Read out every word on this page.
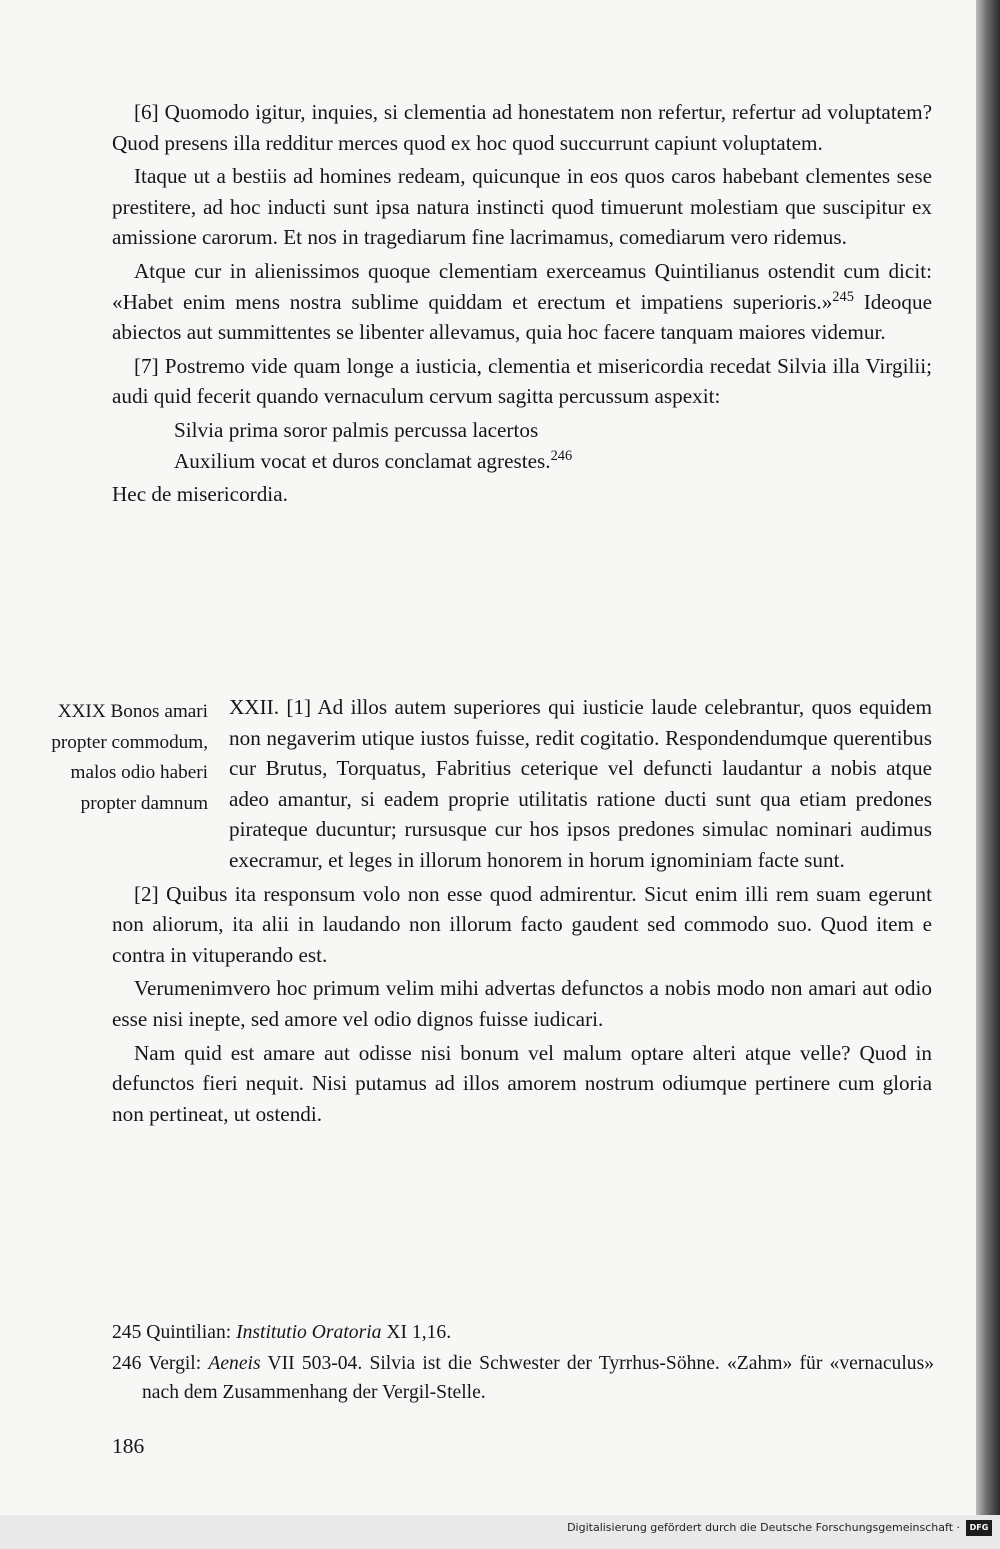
[6] Quomodo igitur, inquies, si clementia ad honestatem non refertur, refertur ad voluptatem? Quod presens illa redditur merces quod ex hoc quod succurrunt capiunt voluptatem.

Itaque ut a bestiis ad homines redeam, quicunque in eos quos caros habebant clementes sese prestitere, ad hoc inducti sunt ipsa natura instincti quod timuerunt molestiam que suscipitur ex amissione carorum. Et nos in tragediarum fine lacrimamus, comediarum vero ridemus.

Atque cur in alienissimos quoque clementiam exerceamus Quintilianus ostendit cum dicit: «Habet enim mens nostra sublime quiddam et erectum et impatiens superioris.»$^{245}$ Ideoque abiectos aut summittentes se libenter allevamus, quia hoc facere tanquam maiores videmur.

[7] Postremo vide quam longe a iusticia, clementia et misericordia recedat Silvia illa Virgilii; audi quid fecerit quando vernaculum cervum sagitta percussum aspexit:

Silvia prima soror palmis percussa lacertos
Auxilium vocat et duros conclamat agrestes.$^{246}$
Hec de misericordia.
XXIX Bonos amari
propter commodum,
malos odio haberi
propter damnum

XXII. [1] Ad illos autem superiores qui iusticie laude celebrantur, quos equidem non negaverim utique iustos fuisse, redit cogitatio. Respondendumque querentibus cur Brutus, Torquatus, Fabritius ceterique vel defuncti laudantur a nobis atque adeo amantur, si eadem proprie utilitatis ratione ducti sunt qua etiam predones pirateque ducuntur; rursusque cur hos ipsos predones simulac nominari audimus execramur, et leges in illorum honorem in horum ignominiam facte sunt.

[2] Quibus ita responsum volo non esse quod admirentur. Sicut enim illi rem suam egerunt non aliorum, ita alii in laudando non illorum facto gaudent sed commodo suo. Quod item e contra in vituperando est.

Verumenimvero hoc primum velim mihi advertas defunctos a nobis modo non amari aut odio esse nisi inepte, sed amore vel odio dignos fuisse iudicari.

Nam quid est amare aut odisse nisi bonum vel malum optare alteri atque velle? Quod in defunctos fieri nequit. Nisi putamus ad illos amorem nostrum odiumque pertinere cum gloria non pertineat, ut ostendi.

245 Quintilian: Institutio Oratoria XI 1,16.
246 Vergil: Aeneis VII 503-04. Silvia ist die Schwester der Tyrrhus-Söhne. «Zahm» für «vernaculus» nach dem Zusammenhang der Vergil-Stelle.
186
Digitalisierung gefördert durch die Deutsche Forschungsgemeinschaft ·	DFG
